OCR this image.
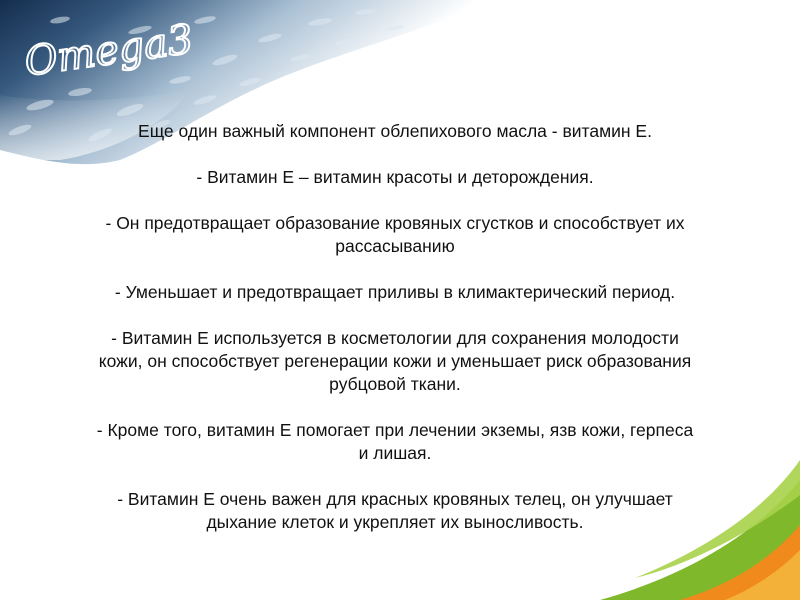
Omega3

Еще один важный компонент облепихового масла - витамин Е.

- Витамин Е – витамин красоты и деторождения.

- Он предотвращает образование кровяных сгустков и способствует их
рассасыванию

- Уменьшает и предотвращает приливы в климактерический период.

- Витамин Е используется в косметологии для сохранения молодости
кожи, он способствует регенерации кожи и уменьшает риск образования
рубцовой ткани.

- Кроме того, витамин Е помогает при лечении экземы, язв кожи, герпеса
и лишая.

- Витамин Е очень важен для красных кровяных телец, он улучшает
дыхание клеток и укрепляет их выносливость.
